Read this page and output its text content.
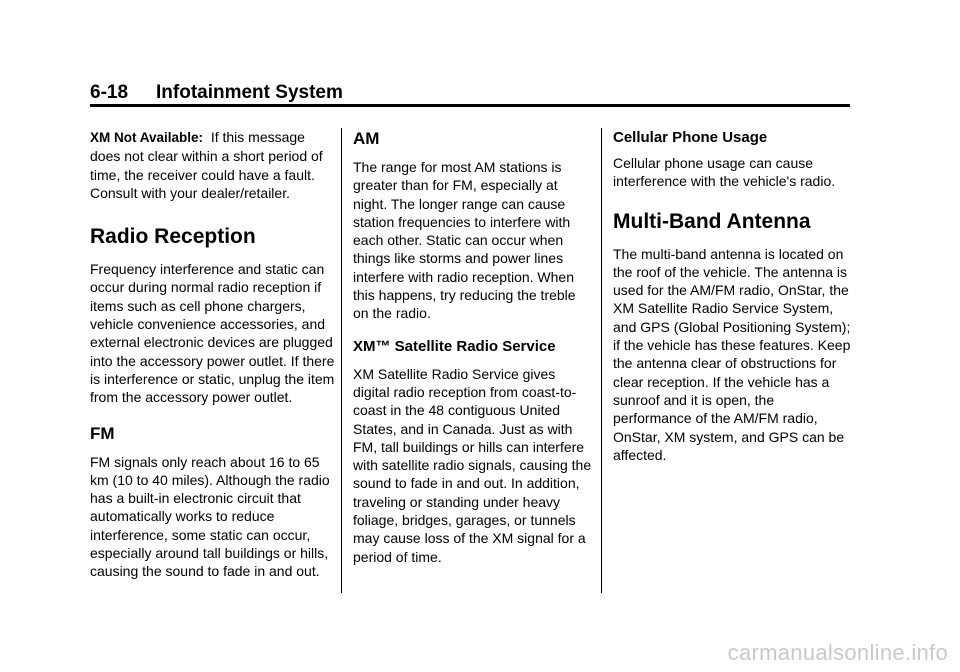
6-18 Infotainment System

XM Not Available: If this message does not clear within a short period of time, the receiver could have a fault. Consult with your dealer/retailer.

Radio Reception

Frequency interference and static can occur during normal radio reception if items such as cell phone chargers, vehicle convenience accessories, and external electronic devices are plugged into the accessory power outlet. If there is interference or static, unplug the item from the accessory power outlet.

FM

FM signals only reach about 16 to 65 km (10 to 40 miles). Although the radio has a built-in electronic circuit that automatically works to reduce interference, some static can occur, especially around tall buildings or hills, causing the sound to fade in and out.

AM

The range for most AM stations is greater than for FM, especially at night. The longer range can cause station frequencies to interfere with each other. Static can occur when things like storms and power lines interfere with radio reception. When this happens, try reducing the treble on the radio.

XM™ Satellite Radio Service

XM Satellite Radio Service gives digital radio reception from coast-to-coast in the 48 contiguous United States, and in Canada. Just as with FM, tall buildings or hills can interfere with satellite radio signals, causing the sound to fade in and out. In addition, traveling or standing under heavy foliage, bridges, garages, or tunnels may cause loss of the XM signal for a period of time.

Cellular Phone Usage

Cellular phone usage can cause interference with the vehicle's radio.

Multi-Band Antenna

The multi-band antenna is located on the roof of the vehicle. The antenna is used for the AM/FM radio, OnStar, the XM Satellite Radio Service System, and GPS (Global Positioning System); if the vehicle has these features. Keep the antenna clear of obstructions for clear reception. If the vehicle has a sunroof and it is open, the performance of the AM/FM radio, OnStar, XM system, and GPS can be affected.

carmanualsonline.info
